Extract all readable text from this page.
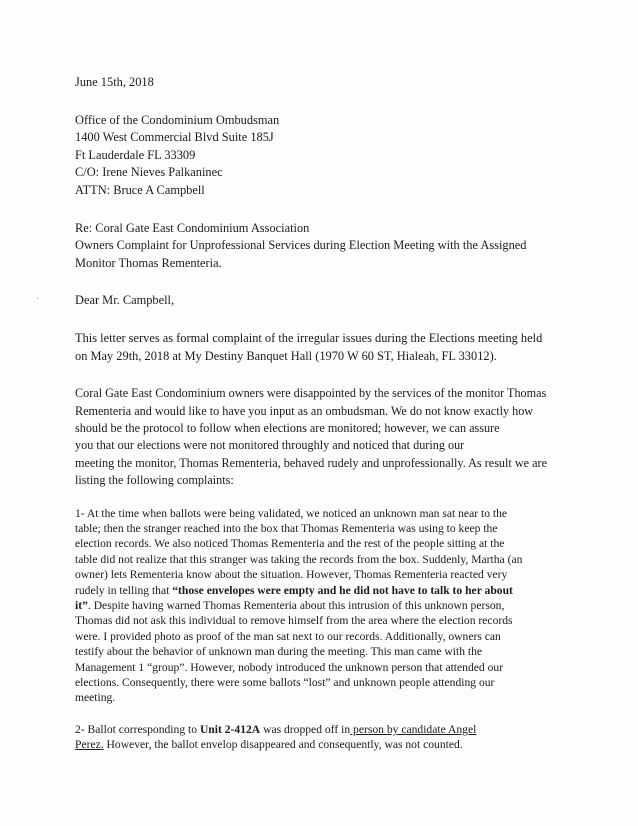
June 15th, 2018
Office of the Condominium Ombudsman
1400 West Commercial Blvd Suite 185J
Ft Lauderdale FL 33309
C/O: Irene Nieves Palkaninec
ATTN: Bruce A Campbell
Re: Coral Gate East Condominium Association
Owners Complaint for Unprofessional Services during Election Meeting with the Assigned
Monitor Thomas Rementeria.
Dear Mr. Campbell,
This letter serves as formal complaint of the irregular issues during the Elections meeting held
on May 29th, 2018 at My Destiny Banquet Hall (1970 W 60 ST, Hialeah, FL 33012).
Coral Gate East Condominium owners were disappointed by the services of the monitor Thomas
Rementeria and would like to have you input as an ombudsman. We do not know exactly how
should be the protocol to follow when elections are monitored; however, we can assure
you that our elections were not monitored throughly and noticed that during our
meeting the monitor, Thomas Rementeria, behaved rudely and unprofessionally. As result we are
listing the following complaints:
1- At the time when ballots were being validated, we noticed an unknown man sat near to the
table; then the stranger reached into the box that Thomas Rementeria was using to keep the
election records. We also noticed Thomas Rementeria and the rest of the people sitting at the
table did not realize that this stranger was taking the records from the box. Suddenly, Martha (an
owner) lets Rementeria know about the situation. However, Thomas Rementeria reacted very
rudely in telling that “those envelopes were empty and he did not have to talk to her about
it”. Despite having warned Thomas Rementeria about this intrusion of this unknown person,
Thomas did not ask this individual to remove himself from the area where the election records
were. I provided photo as proof of the man sat next to our records. Additionally, owners can
testify about the behavior of unknown man during the meeting. This man came with the
Management 1 “group”. However, nobody introduced the unknown person that attended our
elections. Consequently, there were some ballots “lost” and unknown people attending our
meeting.
2- Ballot corresponding to Unit 2-412A was dropped off in person by candidate Angel
Perez. However, the ballot envelop disappeared and consequently, was not counted.
